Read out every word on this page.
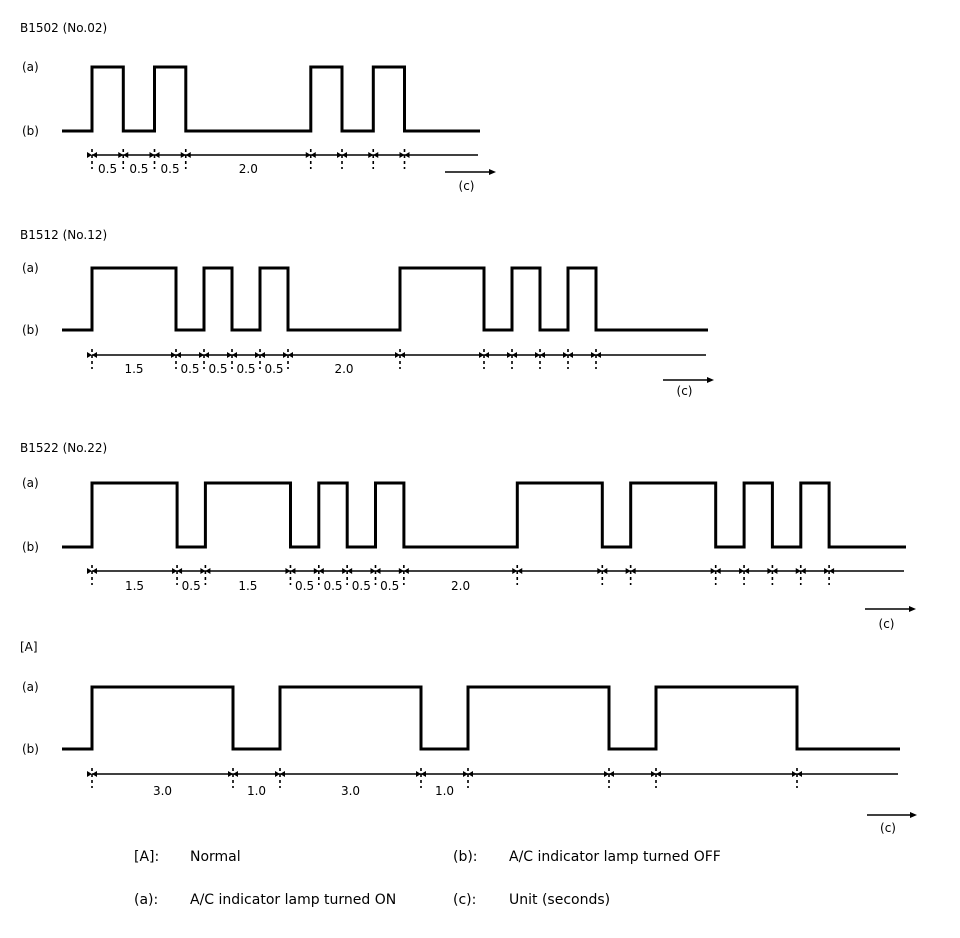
B1502 (No.02)
(a)
(b)
0.5 0.5 0.5	2.0
(c)
B1512 (No.12)
(a)
(b)
1.5	0.5 0.5 0.5 0.5	2.0
(c)
B1522 (No.22)
(a)
(b)
1.5	0.5	1.5	0.5 0.5 0.5 0.5	2.0
(c)
[A]
(a)
(b)
3.0	1.0	3.0	1.0
(c)
[A]: Normal	(b): A/C indicator lamp turned OFF
(a): A/C indicator lamp turned ON	(c): Unit (seconds)
